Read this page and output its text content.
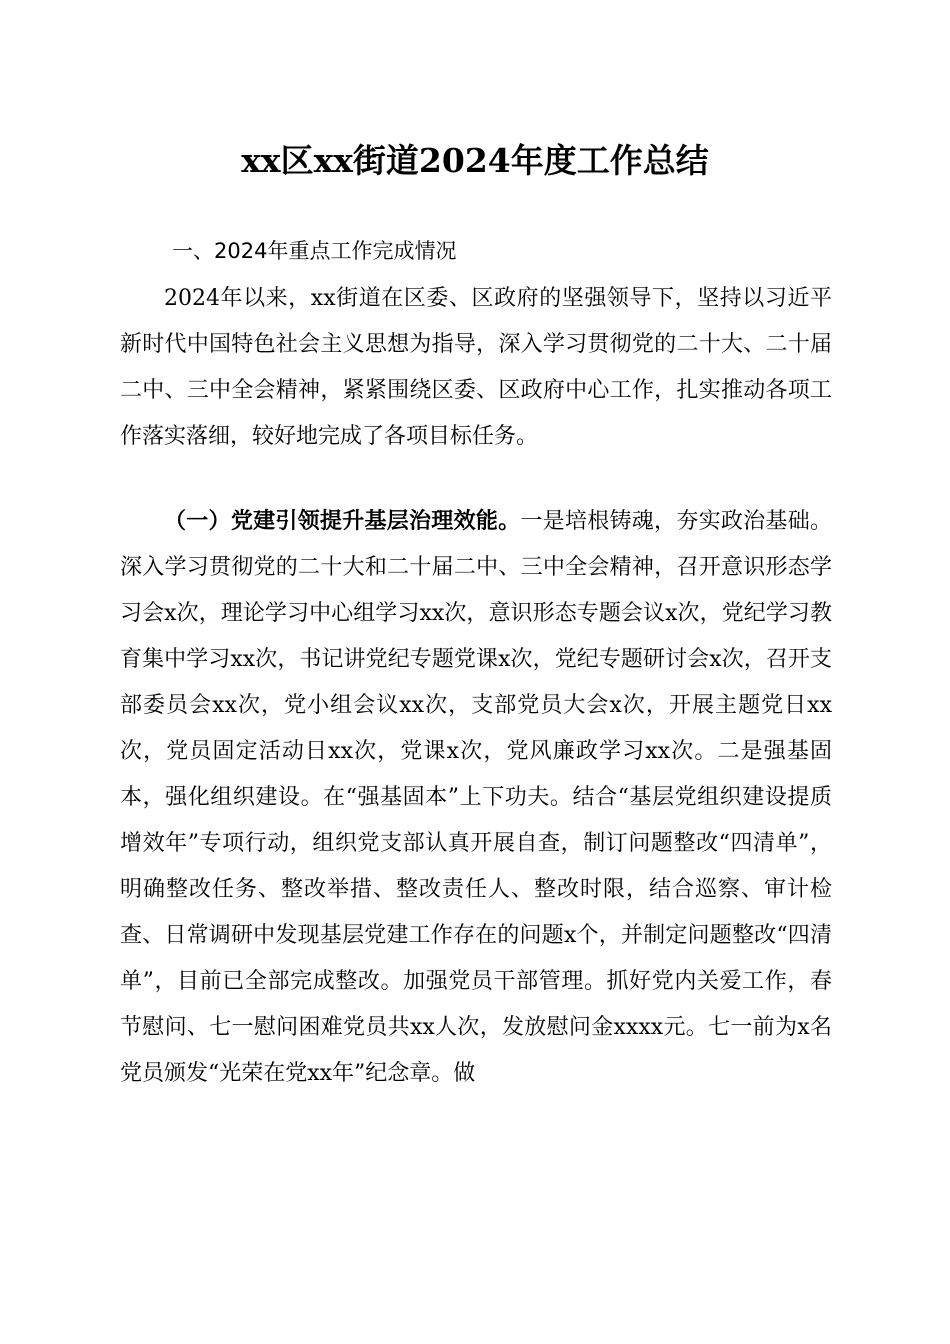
xx区xx街道2024年度工作总结

一、2024年重点工作完成情况

2024年以来，xx街道在区委、区政府的坚强领导下，坚持以习近平新时代中国特色社会主义思想为指导，深入学习贯彻党的二十大、二十届二中、三中全会精神，紧紧围绕区委、区政府中心工作，扎实推动各项工作落实落细，较好地完成了各项目标任务。

（一）党建引领提升基层治理效能。一是培根铸魂，夯实政治基础。深入学习贯彻党的二十大和二十届二中、三中全会精神，召开意识形态学习会x次，理论学习中心组学习xx次，意识形态专题会议x次，党纪学习教育集中学习xx次，书记讲党纪专题党课x次，党纪专题研讨会x次，召开支部委员会xx次，党小组会议xx次，支部党员大会x次，开展主题党日xx次，党员固定活动日xx次，党课x次，党风廉政学习xx次。二是强基固本，强化组织建设。在“强基固本”上下功夫。结合“基层党组织建设提质增效年”专项行动，组织党支部认真开展自查，制订问题整改“四清单”，明确整改任务、整改举措、整改责任人、整改时限，结合巡察、审计检查、日常调研中发现基层党建工作存在的问题x个，并制定问题整改“四清单”，目前已全部完成整改。加强党员干部管理。抓好党内关爱工作，春节慰问、七一慰问困难党员共xx人次，发放慰问金xxxx元。七一前为x名党员颁发“光荣在党xx年”纪念章。做
